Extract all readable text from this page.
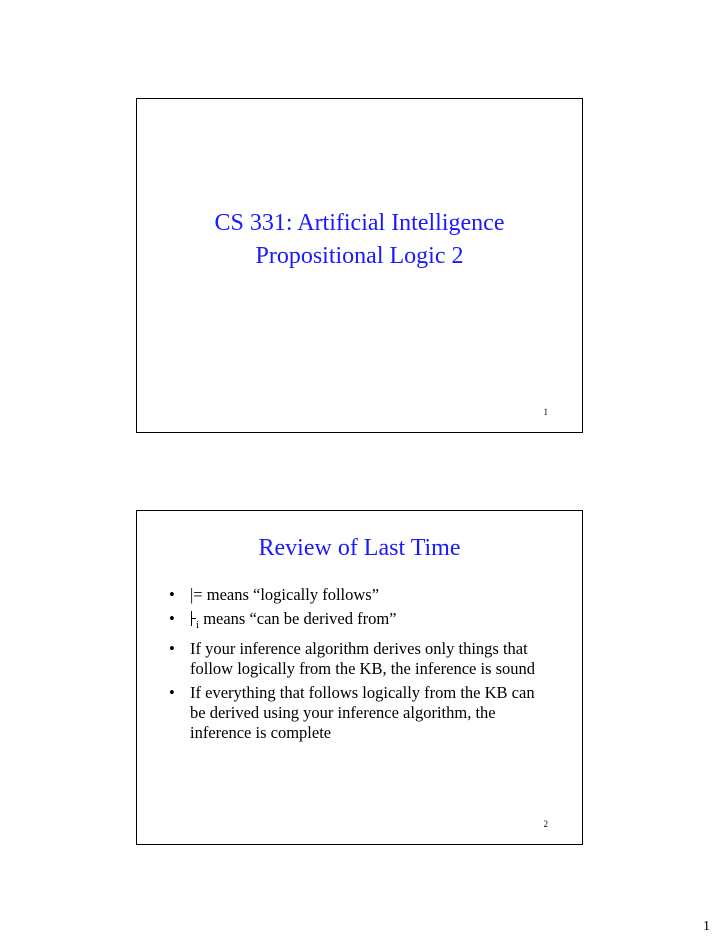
CS 331: Artificial Intelligence
Propositional Logic 2
1
Review of Last Time
• |= means “logically follows”
• $_i$ means “can be derived from”
• If your inference algorithm derives only things that follow logically from the KB, the inference is sound
• If everything that follows logically from the KB can be derived using your inference algorithm, the inference is complete
2
1
